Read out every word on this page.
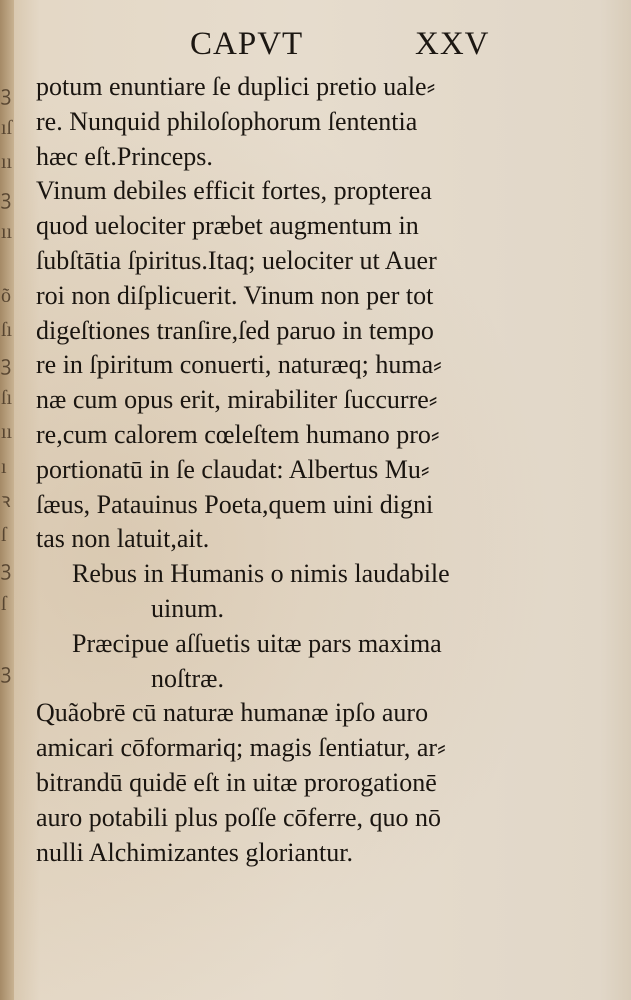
ꝫ
ıſ
ıı
ꝫ
ıı
õ
ſı
ꝫ
ſı
ıı
ı
ꝛ
ſ
ꝫ
ſ
ꝫ
CAPVT	XXV
potum enuntiare ſe duplici pretio uale⸗
re. Nunquid philoſophorum ſententia
hæc eſt.Princeps.
Vinum debiles efficit fortes, propterea
quod uelociter præbet augmentum in
ſubſtātia ſpiritus.Itaq; uelociter ut Auer
roi non diſplicuerit. Vinum non per tot
digeſtiones tranſire,ſed paruo in tempo
re in ſpiritum conuerti, naturæq; huma⸗
næ cum opus erit, mirabiliter ſuccurre⸗
re,cum calorem cœleſtem humano pro⸗
portionatū in ſe claudat: Albertus Mu⸗
ſæus, Patauinus Poeta,quem uini digni
tas non latuit,ait.
Rebus in Humanis o nimis laudabile
uinum.
Præcipue aſſuetis uitæ pars maxima
noſtræ.
Quãobrē cū naturæ humanæ ipſo auro
amicari cōformariq; magis ſentiatur, ar⸗
bitrandū quidē eſt in uitæ prorogationē
auro potabili plus poſſe cōferre, quo nō
nulli Alchimizantes gloriantur.
